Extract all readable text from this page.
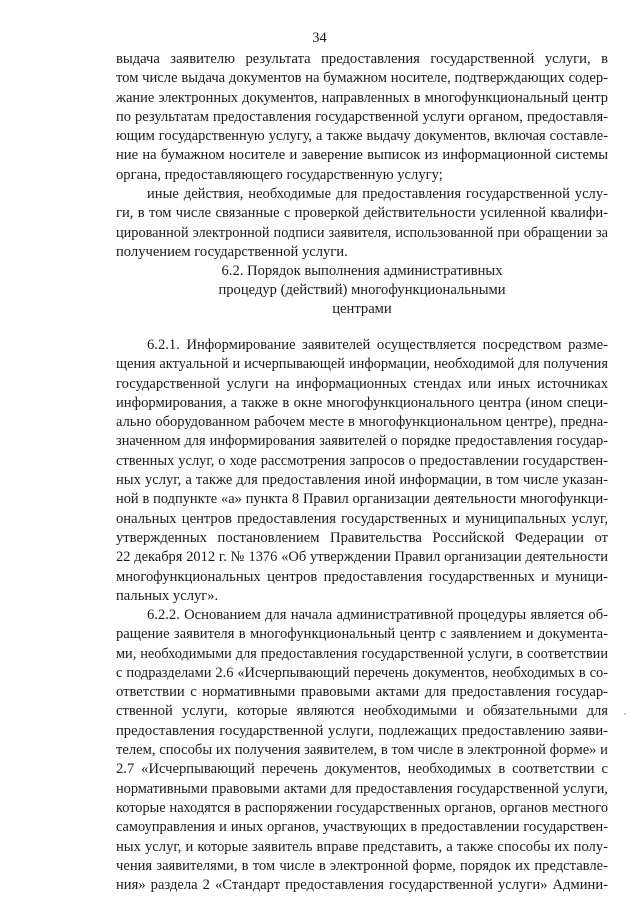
34
выдача заявителю результата предоставления государственной услуги, в
том числе выдача документов на бумажном носителе, подтверждающих содер-
жание электронных документов, направленных в многофункциональный центр
по результатам предоставления государственной услуги органом, предоставля-
ющим государственную услугу, а также выдачу документов, включая составле-
ние на бумажном носителе и заверение выписок из информационной системы
органа, предоставляющего государственную услугу;
иные действия, необходимые для предоставления государственной услу-
ги, в том числе связанные с проверкой действительности усиленной квалифи-
цированной электронной подписи заявителя, использованной при обращении за
получением государственной услуги.
6.2. Порядок выполнения административных
процедур (действий) многофункциональными
центрами
6.2.1. Информирование заявителей осуществляется посредством разме-
щения актуальной и исчерпывающей информации, необходимой для получения
государственной услуги на информационных стендах или иных источниках
информирования, а также в окне многофункционального центра (ином специ-
ально оборудованном рабочем месте в многофункциональном центре), предна-
значенном для информирования заявителей о порядке предоставления государ-
ственных услуг, о ходе рассмотрения запросов о предоставлении государствен-
ных услуг, а также для предоставления иной информации, в том числе указан-
ной в подпункте «а» пункта 8 Правил организации деятельности многофункци-
ональных центров предоставления государственных и муниципальных услуг,
утвержденных постановлением Правительства Российской Федерации от
22 декабря 2012 г. № 1376 «Об утверждении Правил организации деятельности
многофункциональных центров предоставления государственных и муници-
пальных услуг».
6.2.2. Основанием для начала административной процедуры является об-
ращение заявителя в многофункциональный центр с заявлением и документа-
ми, необходимыми для предоставления государственной услуги, в соответствии
с подразделами 2.6 «Исчерпывающий перечень документов, необходимых в со-
ответствии с нормативными правовыми актами для предоставления государ-
ственной услуги, которые являются необходимыми и обязательными для
предоставления государственной услуги, подлежащих предоставлению заяви-
телем, способы их получения заявителем, в том числе в электронной форме» и
2.7 «Исчерпывающий перечень документов, необходимых в соответствии с
нормативными правовыми актами для предоставления государственной услуги,
которые находятся в распоряжении государственных органов, органов местного
самоуправления и иных органов, участвующих в предоставлении государствен-
ных услуг, и которые заявитель вправе представить, а также способы их полу-
чения заявителями, в том числе в электронной форме, порядок их представле-
ния» раздела 2 «Стандарт предоставления государственной услуги» Админи-
